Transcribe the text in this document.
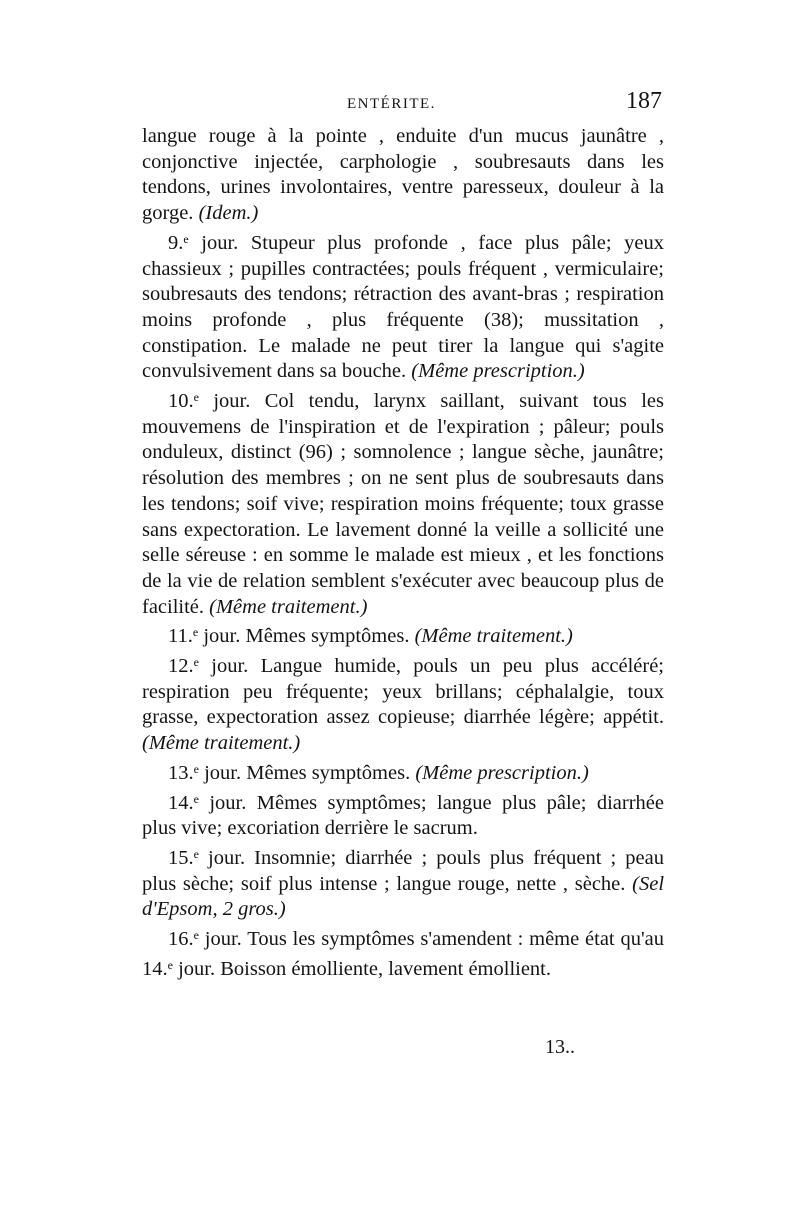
ENTÉRITE.	187

langue rouge à la pointe , enduite d'un mucus jaunâtre , conjonctive injectée, carphologie , soubresauts dans les tendons, urines involontaires, ventre paresseux, douleur à la gorge. (Idem.)

9.$^e$ jour. Stupeur plus profonde , face plus pâle; yeux chassieux ; pupilles contractées; pouls fréquent , vermiculaire; soubresauts des tendons; rétraction des avant-bras ; respiration moins profonde , plus fréquente (38); mussitation , constipation. Le malade ne peut tirer la langue qui s'agite convulsivement dans sa bouche. (Même prescription.)

10.$^e$ jour. Col tendu, larynx saillant, suivant tous les mouvemens de l'inspiration et de l'expiration ; pâleur; pouls onduleux, distinct (96) ; somnolence ; langue sèche, jaunâtre; résolution des membres ; on ne sent plus de soubresauts dans les tendons; soif vive; respiration moins fréquente; toux grasse sans expectoration. Le lavement donné la veille a sollicité une selle séreuse : en somme le malade est mieux , et les fonctions de la vie de relation semblent s'exécuter avec beaucoup plus de facilité. (Même traitement.)

11.$^e$ jour. Mêmes symptômes. (Même traitement.)

12.$^e$ jour. Langue humide, pouls un peu plus accéléré; respiration peu fréquente; yeux brillans; céphalalgie, toux grasse, expectoration assez copieuse; diarrhée légère; appétit. (Même traitement.)

13.$^e$ jour. Mêmes symptômes. (Même prescription.)

14.$^e$ jour. Mêmes symptômes; langue plus pâle; diarrhée plus vive; excoriation derrière le sacrum.

15.$^e$ jour. Insomnie; diarrhée ; pouls plus fréquent ; peau plus sèche; soif plus intense ; langue rouge, nette , sèche. (Sel d'Epsom, 2 gros.)

16.$^e$ jour. Tous les symptômes s'amendent : même état qu'au 14.$^e$ jour. Boisson émolliente, lavement émollient.

13..
